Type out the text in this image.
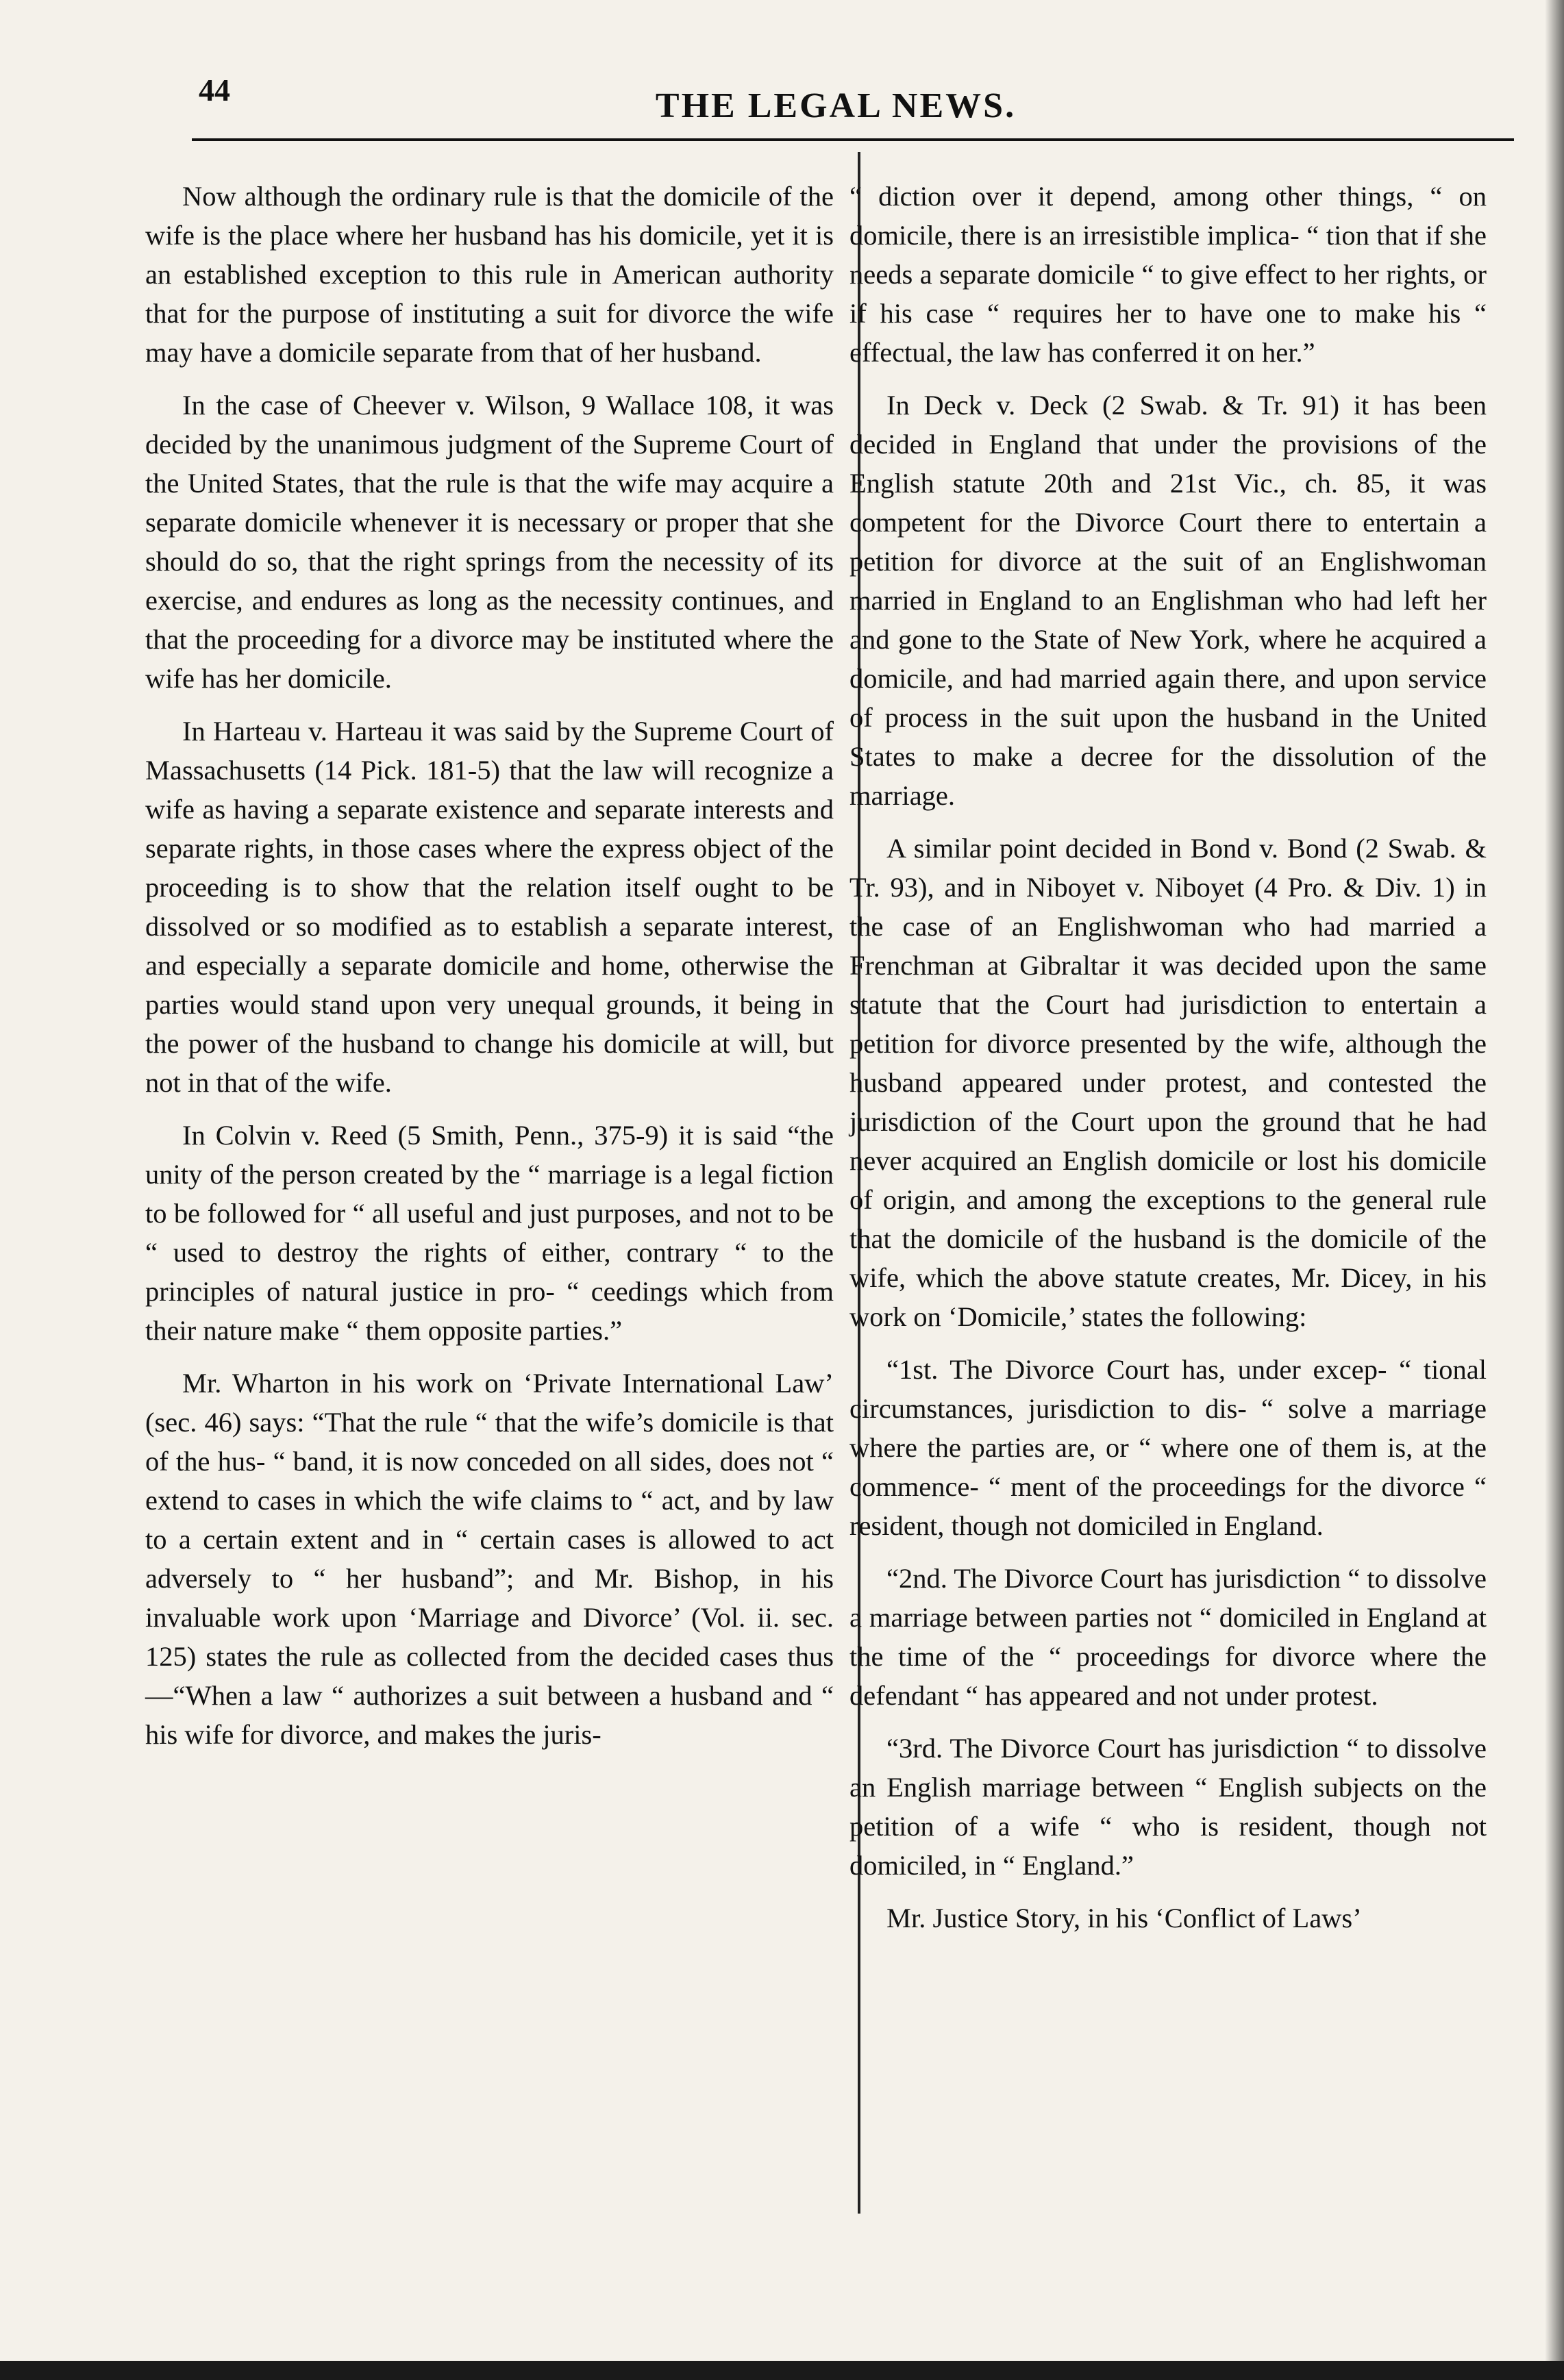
44	THE LEGAL NEWS.

Now although the ordinary rule is that the domicile of the wife is the place where her husband has his domicile, yet it is an established exception to this rule in American authority that for the purpose of instituting a suit for divorce the wife may have a domicile separate from that of her husband.

In the case of Cheever v. Wilson, 9 Wallace 108, it was decided by the unanimous judgment of the Supreme Court of the United States, that the rule is that the wife may acquire a separate domicile whenever it is necessary or proper that she should do so, that the right springs from the necessity of its exercise, and endures as long as the necessity continues, and that the proceeding for a divorce may be instituted where the wife has her domicile.

In Harteau v. Harteau it was said by the Supreme Court of Massachusetts (14 Pick. 181-5) that the law will recognize a wife as having a separate existence and separate interests and separate rights, in those cases where the express object of the proceeding is to show that the relation itself ought to be dissolved or so modified as to establish a separate interest, and especially a separate domicile and home, otherwise the parties would stand upon very unequal grounds, it being in the power of the husband to change his domicile at will, but not in that of the wife.

In Colvin v. Reed (5 Smith, Penn., 375-9) it is said “the unity of the person created by the “ marriage is a legal fiction to be followed for “ all useful and just purposes, and not to be “ used to destroy the rights of either, contrary “ to the principles of natural justice in pro- “ ceedings which from their nature make “ them opposite parties.”

Mr. Wharton in his work on ‘Private International Law’ (sec. 46) says: “That the rule “ that the wife’s domicile is that of the hus- “ band, it is now conceded on all sides, does not “ extend to cases in which the wife claims to “ act, and by law to a certain extent and in “ certain cases is allowed to act adversely to “ her husband”; and Mr. Bishop, in his invaluable work upon ‘Marriage and Divorce’ (Vol. ii. sec. 125) states the rule as collected from the decided cases thus—“When a law “ authorizes a suit between a husband and “ his wife for divorce, and makes the juris-

“ diction over it depend, among other things, “ on domicile, there is an irresistible implica- “ tion that if she needs a separate domicile “ to give effect to her rights, or if his case “ requires her to have one to make his “ effectual, the law has conferred it on her.”

In Deck v. Deck (2 Swab. & Tr. 91) it has been decided in England that under the provisions of the English statute 20th and 21st Vic., ch. 85, it was competent for the Divorce Court there to entertain a petition for divorce at the suit of an Englishwoman married in England to an Englishman who had left her and gone to the State of New York, where he acquired a domicile, and had married again there, and upon service of process in the suit upon the husband in the United States to make a decree for the dissolution of the marriage.

A similar point decided in Bond v. Bond (2 Swab. & Tr. 93), and in Niboyet v. Niboyet (4 Pro. & Div. 1) in the case of an Englishwoman who had married a Frenchman at Gibraltar it was decided upon the same statute that the Court had jurisdiction to entertain a petition for divorce presented by the wife, although the husband appeared under protest, and contested the jurisdiction of the Court upon the ground that he had never acquired an English domicile or lost his domicile of origin, and among the exceptions to the general rule that the domicile of the husband is the domicile of the wife, which the above statute creates, Mr. Dicey, in his work on ‘Domicile,’ states the following:

“1st. The Divorce Court has, under excep- “ tional circumstances, jurisdiction to dis- “ solve a marriage where the parties are, or “ where one of them is, at the commence- “ ment of the proceedings for the divorce “ resident, though not domiciled in England.

“2nd. The Divorce Court has jurisdiction “ to dissolve a marriage between parties not “ domiciled in England at the time of the “ proceedings for divorce where the defendant “ has appeared and not under protest.

“3rd. The Divorce Court has jurisdiction “ to dissolve an English marriage between “ English subjects on the petition of a wife “ who is resident, though not domiciled, in “ England.”

Mr. Justice Story, in his ‘Conflict of Laws’
